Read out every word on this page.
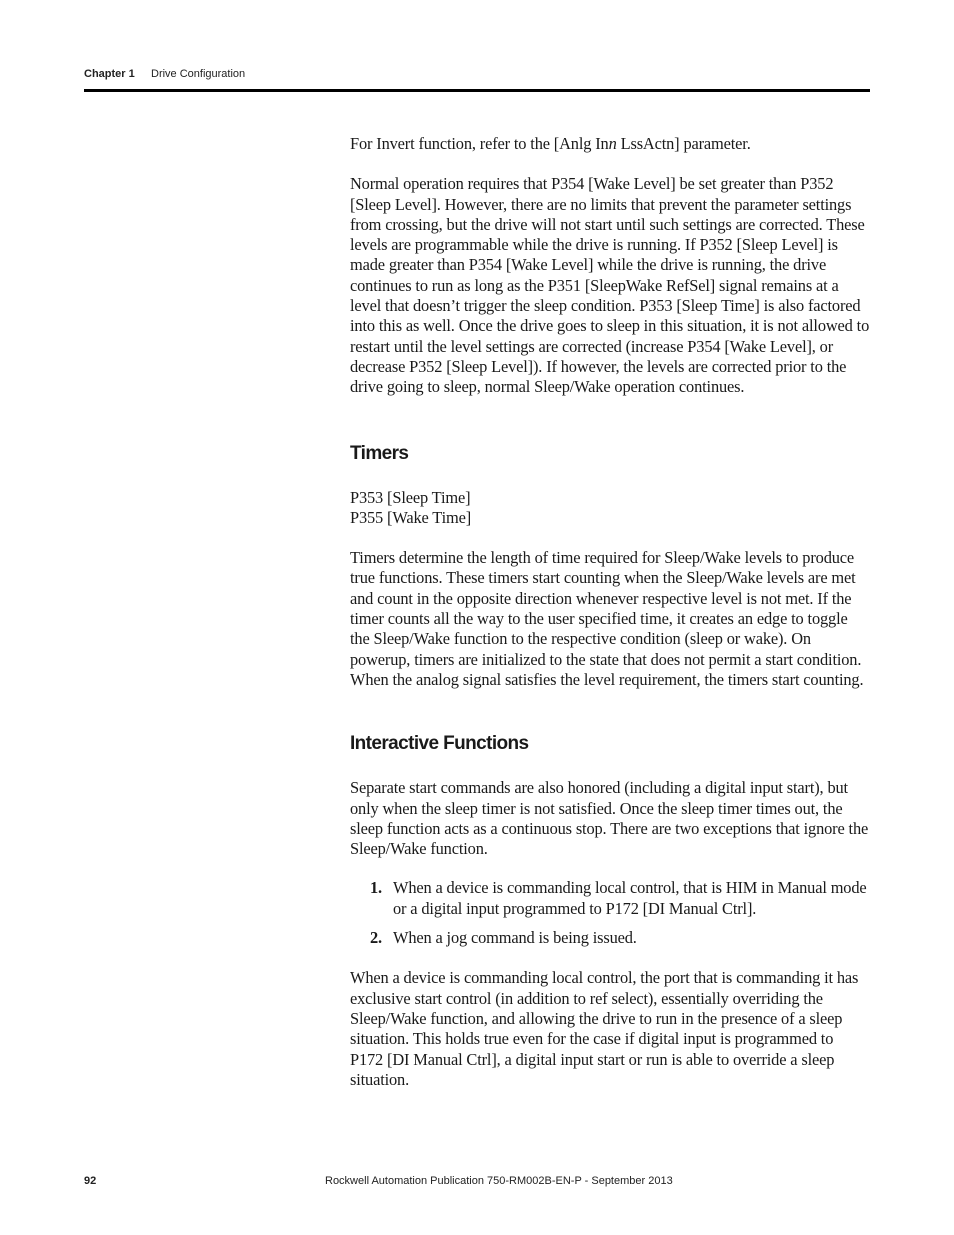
Chapter 1 Drive Configuration

For Invert function, refer to the [Anlg Inn LssActn] parameter.

Normal operation requires that P354 [Wake Level] be set greater than P352 [Sleep Level]. However, there are no limits that prevent the parameter settings from crossing, but the drive will not start until such settings are corrected. These levels are programmable while the drive is running. If P352 [Sleep Level] is made greater than P354 [Wake Level] while the drive is running, the drive continues to run as long as the P351 [SleepWake RefSel] signal remains at a level that doesn’t trigger the sleep condition. P353 [Sleep Time] is also factored into this as well. Once the drive goes to sleep in this situation, it is not allowed to restart until the level settings are corrected (increase P354 [Wake Level], or decrease P352 [Sleep Level]). If however, the levels are corrected prior to the drive going to sleep, normal Sleep/Wake operation continues.

Timers
P353 [Sleep Time]
P355 [Wake Time]

Timers determine the length of time required for Sleep/Wake levels to produce true functions. These timers start counting when the Sleep/Wake levels are met and count in the opposite direction whenever respective level is not met. If the timer counts all the way to the user specified time, it creates an edge to toggle the Sleep/Wake function to the respective condition (sleep or wake). On powerup, timers are initialized to the state that does not permit a start condition. When the analog signal satisfies the level requirement, the timers start counting.

Interactive Functions

Separate start commands are also honored (including a digital input start), but only when the sleep timer is not satisfied. Once the sleep timer times out, the sleep function acts as a continuous stop. There are two exceptions that ignore the Sleep/Wake function.

1. When a device is commanding local control, that is HIM in Manual mode or a digital input programmed to P172 [DI Manual Ctrl].
2. When a jog command is being issued.

When a device is commanding local control, the port that is commanding it has exclusive start control (in addition to ref select), essentially overriding the Sleep/Wake function, and allowing the drive to run in the presence of a sleep situation. This holds true even for the case if digital input is programmed to P172 [DI Manual Ctrl], a digital input start or run is able to override a sleep situation.

92	Rockwell Automation Publication 750-RM002B-EN-P - September 2013
